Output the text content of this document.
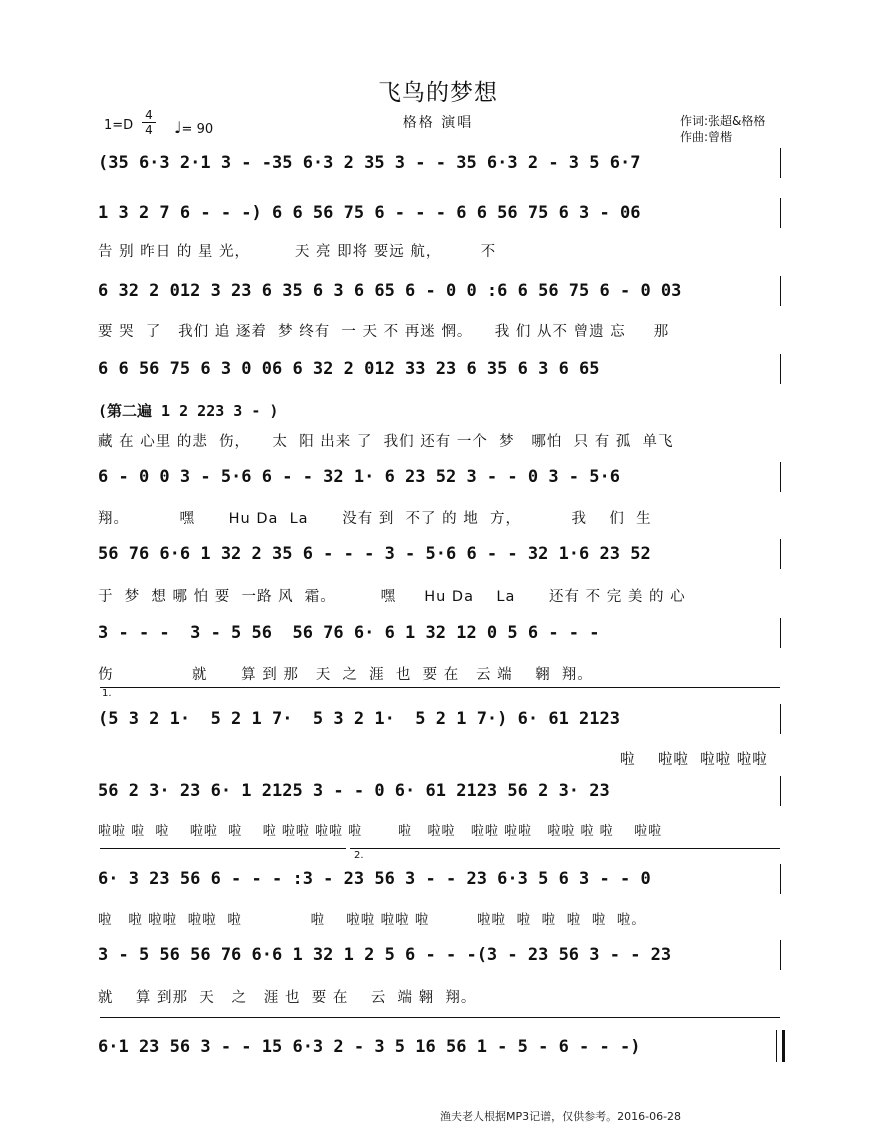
飞鸟的梦想
格格 演唱
1=D
4
4 ♩= 90
作词:张超&格格
作曲:曾楷
(35 6·3 2·1 3 - -35 6·3 2 35 3 - - 35 6·3 2 - 3 5 6·7
1 3 2 7 6 - - -) 6 6 56 75 6 - - - 6 6 56 75 6 3 - 06
告 别 昨日 的 星 光，        天 亮 即将 要远 航，       不
6 32 2 012 3 23 6 35 6 3 6 65 6 - 0 0 :6 6 56 75 6 - 0 03
要 哭  了   我们 追 逐着  梦 终有  一 天 不 再迷 惘。    我 们 从不 曾遗 忘     那
6 6 56 75 6 3 0 06 6 32 2 012 33 23 6 35 6 3 6 65
(第二遍 1 2 223 3 - )
藏 在 心里 的悲  伤，    太  阳 出来 了  我们 还有 一个  梦   哪怕  只 有 孤  单飞
6 - 0 0 3 - 5·6 6 - - 32 1· 6 23 52 3 - - 0 3 - 5·6
翔。         嘿      Hu Da  La      没有 到  不了 的 地  方，         我    们  生
56 76 6·6 1 32 2 35 6 - - - 3 - 5·6 6 - - 32 1·6 23 52
于  梦  想 哪 怕 要  一路 风  霜。        嘿     Hu Da    La      还有 不 完 美 的 心
3 - - -  3 - 5 56  56 76 6· 6 1 32 12 0 5 6 - - -
伤              就      算 到 那   天  之  涯  也  要 在   云 端    翱  翔。
1.
(5 3 2 1·  5 2 1 7·  5 3 2 1·  5 2 1 7·) 6· 61 2123
啦    啦啦  啦啦 啦啦
56 2 3· 23 6· 1 2125 3 - - 0 6· 61 2123 56 2 3· 23
啦啦 啦  啦    啦啦  啦    啦 啦啦 啦啦 啦       啦   啦啦   啦啦 啦啦   啦啦 啦 啦    啦啦
2.
6· 3 23 56 6 - - - :3 - 23 56 3 - - 23 6·3 5 6 3 - - 0
啦   啦 啦啦  啦啦  啦             啦    啦啦 啦啦 啦         啦啦  啦  啦  啦  啦  啦。
3 - 5 56 56 76 6·6 1 32 1 2 5 6 - - -(3 - 23 56 3 - - 23
就    算 到那  天   之   涯 也  要 在    云  端 翱  翔。
6·1 23 56 3 - - 15 6·3 2 - 3 5 16 56 1 - 5 - 6 - - -)
渔夫老人根据MP3记谱，仅供参考。2016-06-28
